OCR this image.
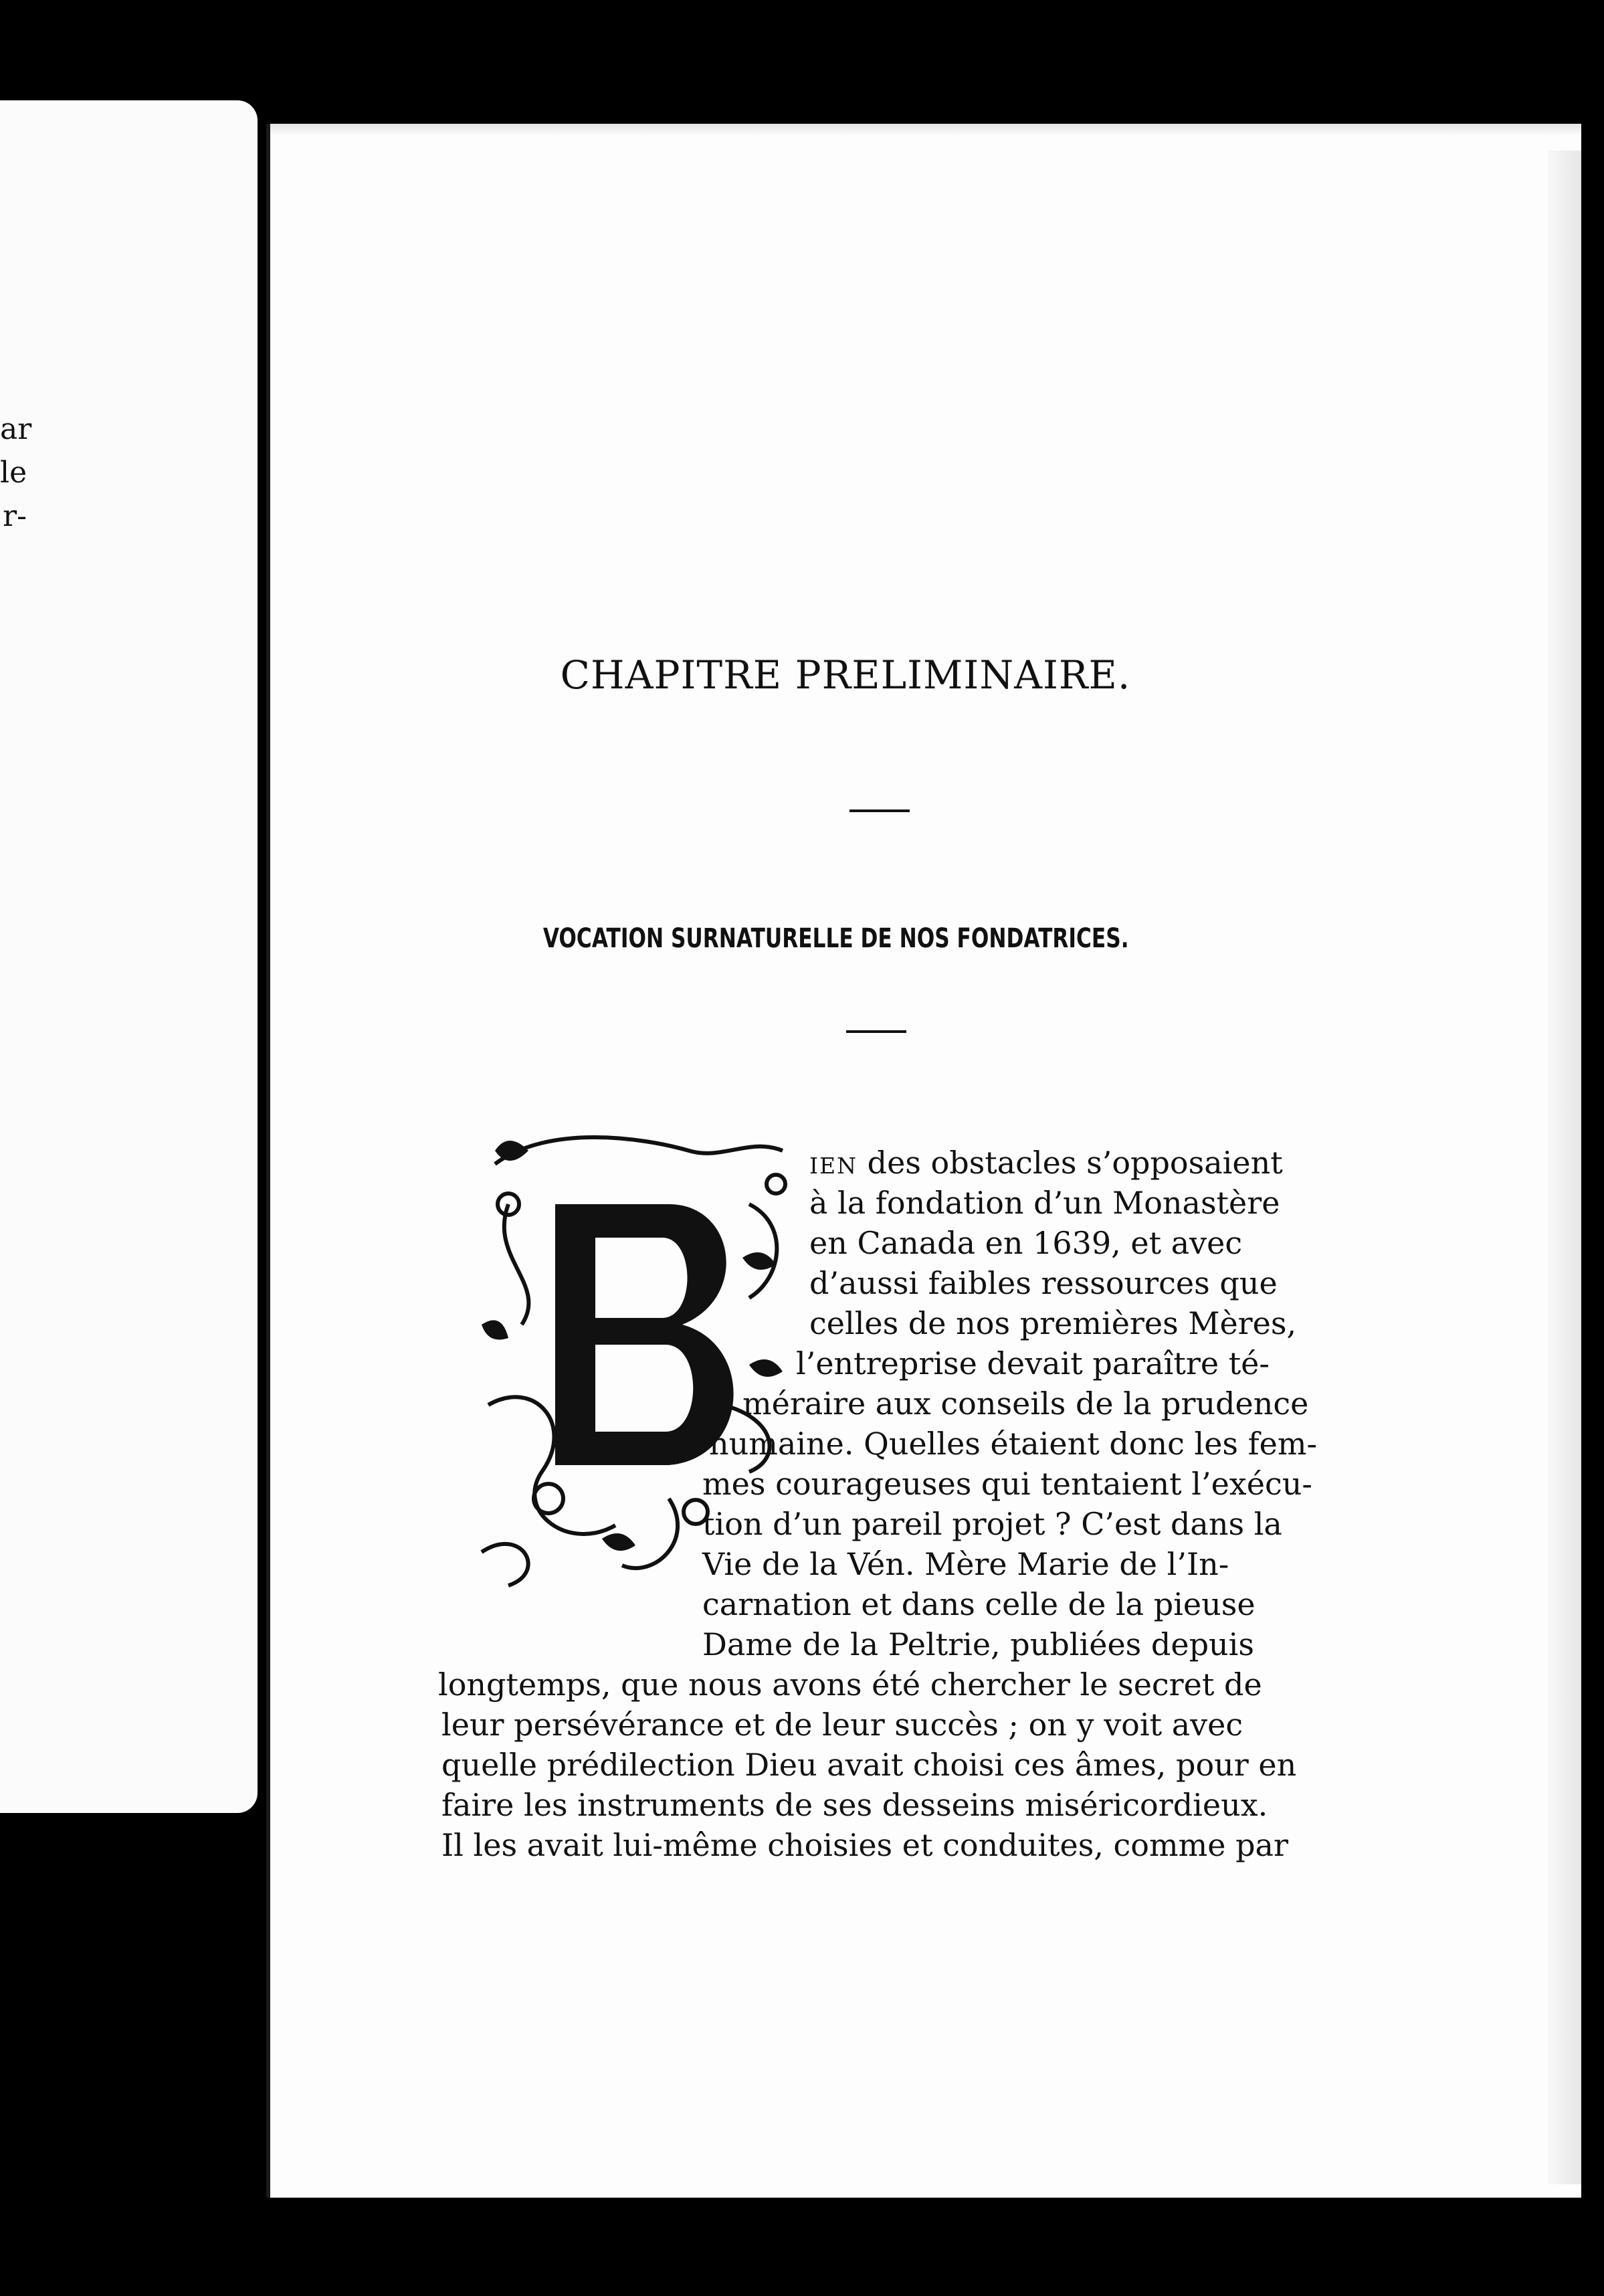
ar
le
r-
CHAPITRE PRELIMINAIRE.
VOCATION SURNATURELLE DE NOS FONDATRICES.
IEN des obstacles s’opposaient
à la fondation d’un Monastère
en Canada en 1639, et avec
d’aussi faibles ressources que
celles de nos premières Mères,
l’entreprise devait paraître té-
méraire aux conseils de la prudence
humaine. Quelles étaient donc les fem-
mes courageuses qui tentaient l’exécu-
tion d’un pareil projet ? C’est dans la
Vie de la Vén. Mère Marie de l’In-
carnation et dans celle de la pieuse
Dame de la Peltrie, publiées depuis
longtemps, que nous avons été chercher le secret de
leur persévérance et de leur succès ; on y voit avec
quelle prédilection Dieu avait choisi ces âmes, pour en
faire les instruments de ses desseins miséricordieux.
Il les avait lui-même choisies et conduites, comme par
